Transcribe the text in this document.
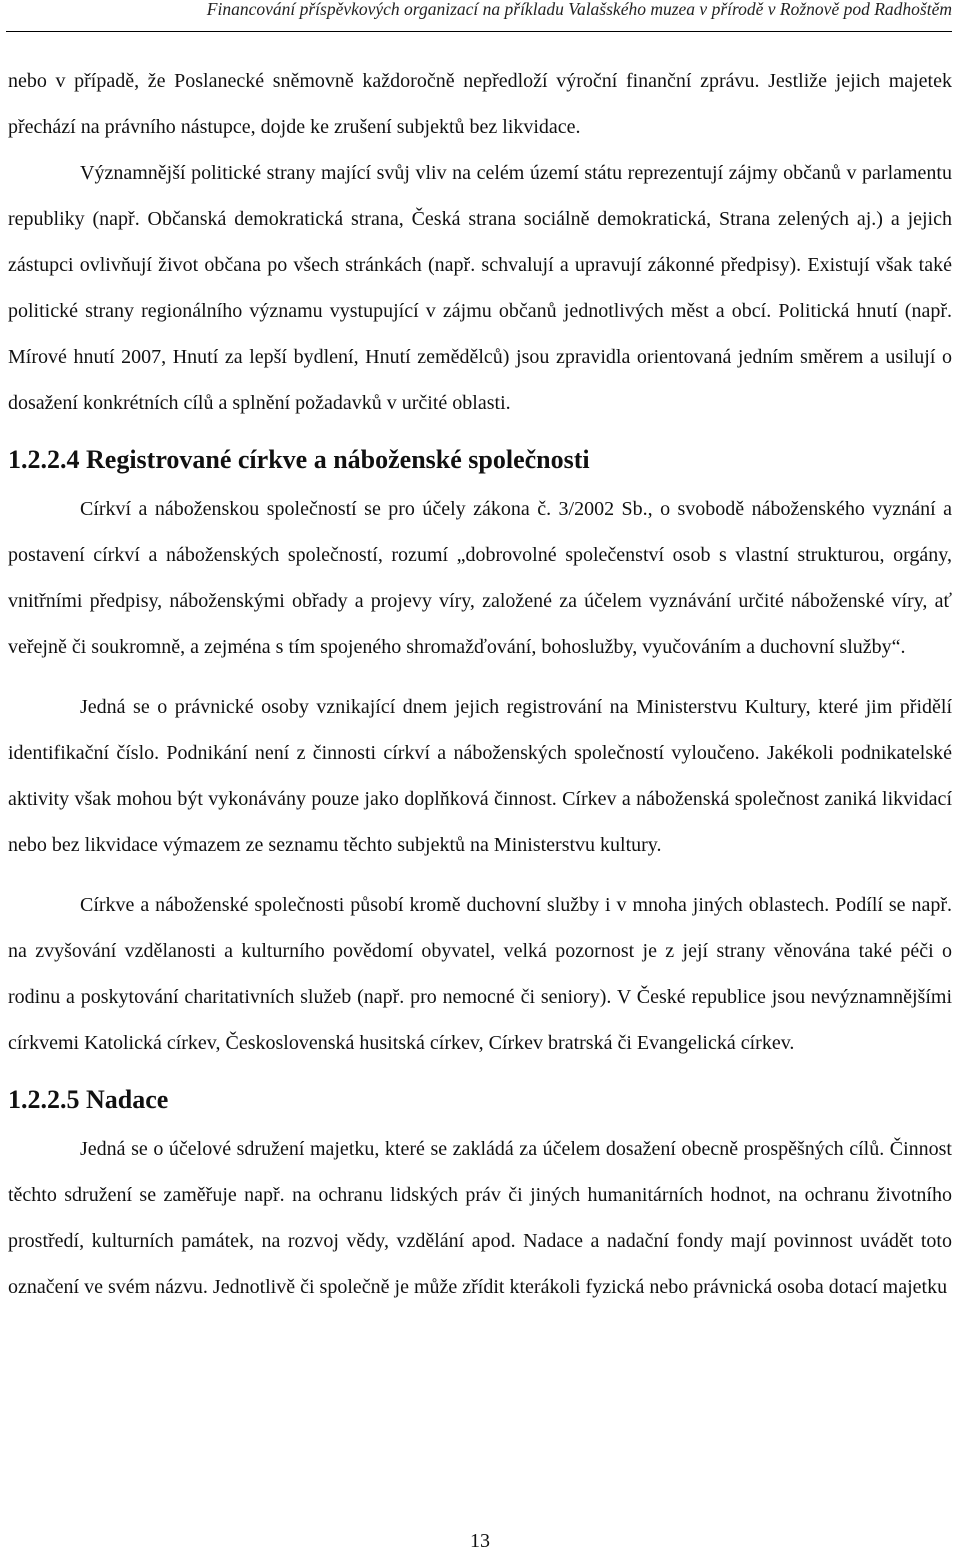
Financování příspěvkových organizací na příkladu Valašského muzea v přírodě v Rožnově pod Radhoštěm

nebo v případě, že Poslanecké sněmovně každoročně nepředloží výroční finanční zprávu. Jestliže jejich majetek přechází na právního nástupce, dojde ke zrušení subjektů bez likvidace.

Významnější politické strany mající svůj vliv na celém území státu reprezentují zájmy občanů v parlamentu republiky (např. Občanská demokratická strana, Česká strana sociálně demokratická, Strana zelených aj.) a jejich zástupci ovlivňují život občana po všech stránkách (např. schvalují a upravují zákonné předpisy). Existují však také politické strany regionálního významu vystupující v zájmu občanů jednotlivých měst a obcí. Politická hnutí (např. Mírové hnutí 2007, Hnutí za lepší bydlení, Hnutí zemědělců) jsou zpravidla orientovaná jedním směrem a usilují o dosažení konkrétních cílů a splnění požadavků v určité oblasti.

1.2.2.4 Registrované církve a náboženské společnosti

Církví a náboženskou společností se pro účely zákona č. 3/2002 Sb., o svobodě náboženského vyznání a postavení církví a náboženských společností, rozumí „dobrovolné společenství osob s vlastní strukturou, orgány, vnitřními předpisy, náboženskými obřady a projevy víry, založené za účelem vyznávání určité náboženské víry, ať veřejně či soukromně, a zejména s tím spojeného shromažďování, bohoslužby, vyučováním a duchovní služby“.

Jedná se o právnické osoby vznikající dnem jejich registrování na Ministerstvu Kultury, které jim přidělí identifikační číslo. Podnikání není z činnosti církví a náboženských společností vyloučeno. Jakékoli podnikatelské aktivity však mohou být vykonávány pouze jako doplňková činnost. Církev a náboženská společnost zaniká likvidací nebo bez likvidace výmazem ze seznamu těchto subjektů na Ministerstvu kultury.

Církve a náboženské společnosti působí kromě duchovní služby i v mnoha jiných oblastech. Podílí se např. na zvyšování vzdělanosti a kulturního povědomí obyvatel, velká pozornost je z její strany věnována také péči o rodinu a poskytování charitativních služeb (např. pro nemocné či seniory). V České republice jsou nevýznamnějšími církvemi Katolická církev, Československá husitská církev, Církev bratrská či Evangelická církev.

1.2.2.5 Nadace

Jedná se o účelové sdružení majetku, které se zakládá za účelem dosažení obecně prospěšných cílů. Činnost těchto sdružení se zaměřuje např. na ochranu lidských práv či jiných humanitárních hodnot, na ochranu životního prostředí, kulturních památek, na rozvoj vědy, vzdělání apod. Nadace a nadační fondy mají povinnost uvádět toto označení ve svém názvu. Jednotlivě či společně je může zřídit kterákoli fyzická nebo právnická osoba dotací majetku

13
